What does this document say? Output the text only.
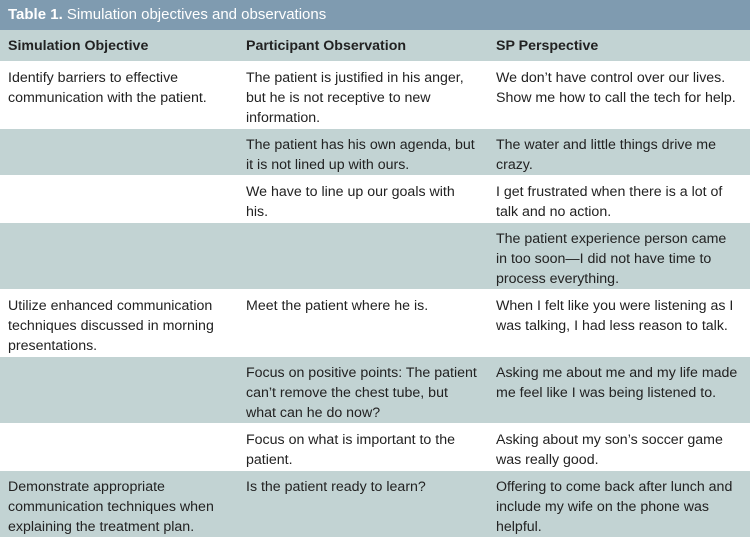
Table 1. Simulation objectives and observations
Simulation Objective	Participant Observation	SP Perspective
Identify barriers to effective communication with the patient.	The patient is justified in his anger, but he is not receptive to new information.	We don’t have control over our lives. Show me how to call the tech for help.
	The patient has his own agenda, but it is not lined up with ours.	The water and little things drive me crazy.
	We have to line up our goals with his.	I get frustrated when there is a lot of talk and no action.
		The patient experience person came in too soon—I did not have time to process everything.
Utilize enhanced communication techniques discussed in morning presentations.	Meet the patient where he is.	When I felt like you were listening as I was talking, I had less reason to talk.
	Focus on positive points: The patient can’t remove the chest tube, but what can he do now?	Asking me about me and my life made me feel like I was being listened to.
	Focus on what is important to the patient.	Asking about my son’s soccer game was really good.
Demonstrate appropriate communication techniques when explaining the treatment plan.	Is the patient ready to learn?	Offering to come back after lunch and include my wife on the phone was helpful.
